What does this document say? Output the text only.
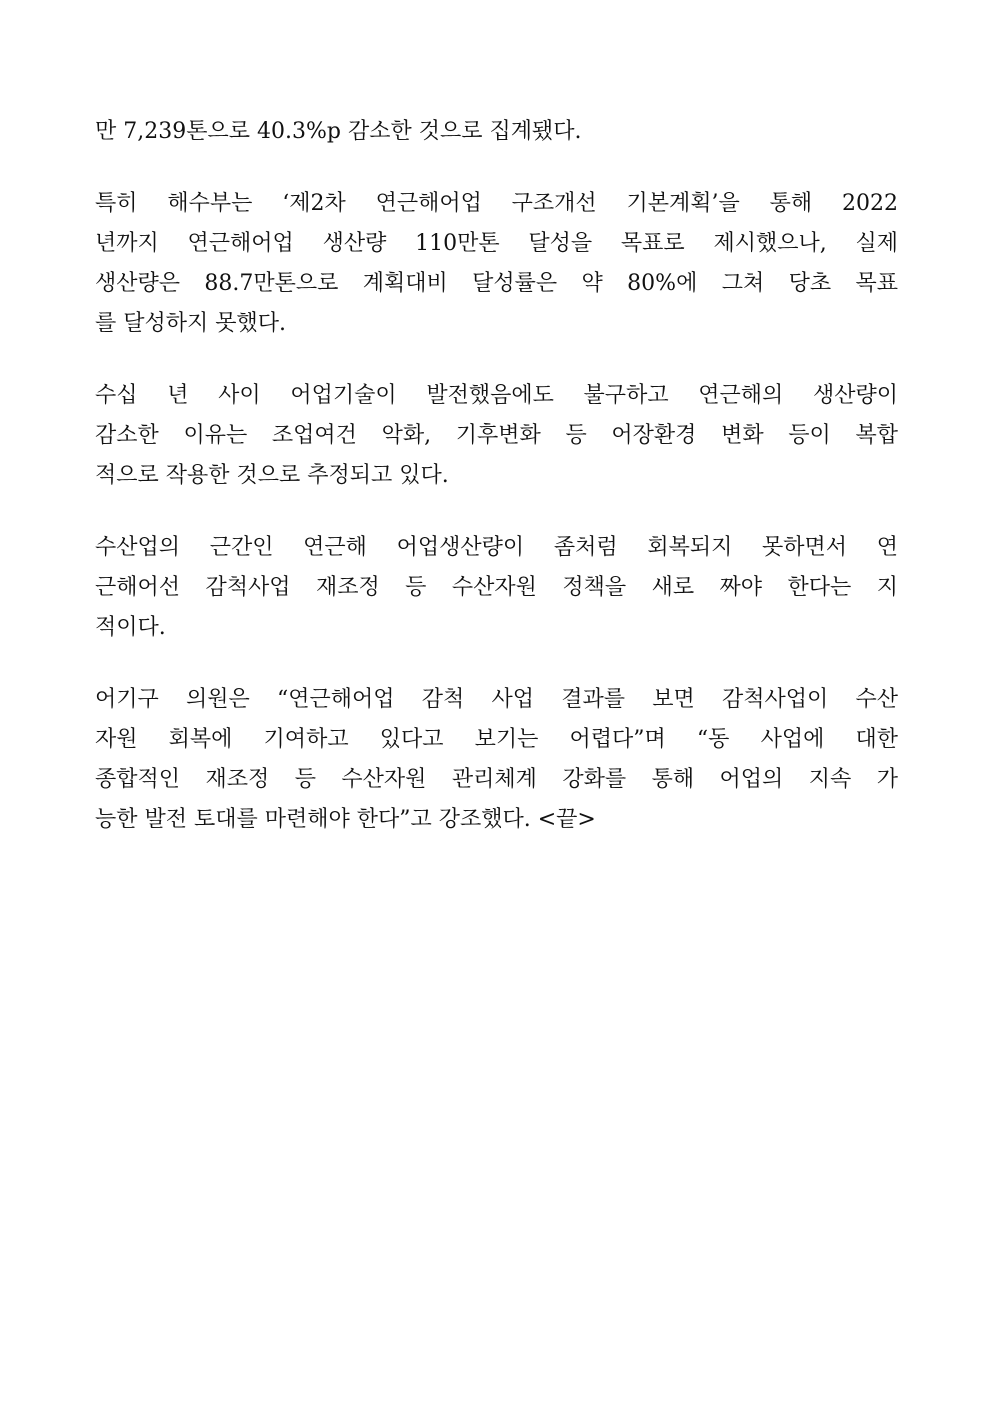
만 7,239톤으로 40.3%p 감소한 것으로 집계됐다.
특히 해수부는 ‘제2차 연근해어업 구조개선 기본계획’을 통해 2022
년까지 연근해어업 생산량 110만톤 달성을 목표로 제시했으나, 실제
생산량은 88.7만톤으로 계획대비 달성률은 약 80%에 그쳐 당초 목표
를 달성하지 못했다.
수십 년 사이 어업기술이 발전했음에도 불구하고 연근해의 생산량이
감소한 이유는 조업여건 악화, 기후변화 등 어장환경 변화 등이 복합
적으로 작용한 것으로 추정되고 있다.
수산업의 근간인 연근해 어업생산량이 좀처럼 회복되지 못하면서 연
근해어선 감척사업 재조정 등 수산자원 정책을 새로 짜야 한다는 지
적이다.
어기구 의원은 “연근해어업 감척 사업 결과를 보면 감척사업이 수산
자원 회복에 기여하고 있다고 보기는 어렵다”며 “동 사업에 대한
종합적인 재조정 등 수산자원 관리체계 강화를 통해 어업의 지속 가
능한 발전 토대를 마련해야 한다”고 강조했다. <끝>
